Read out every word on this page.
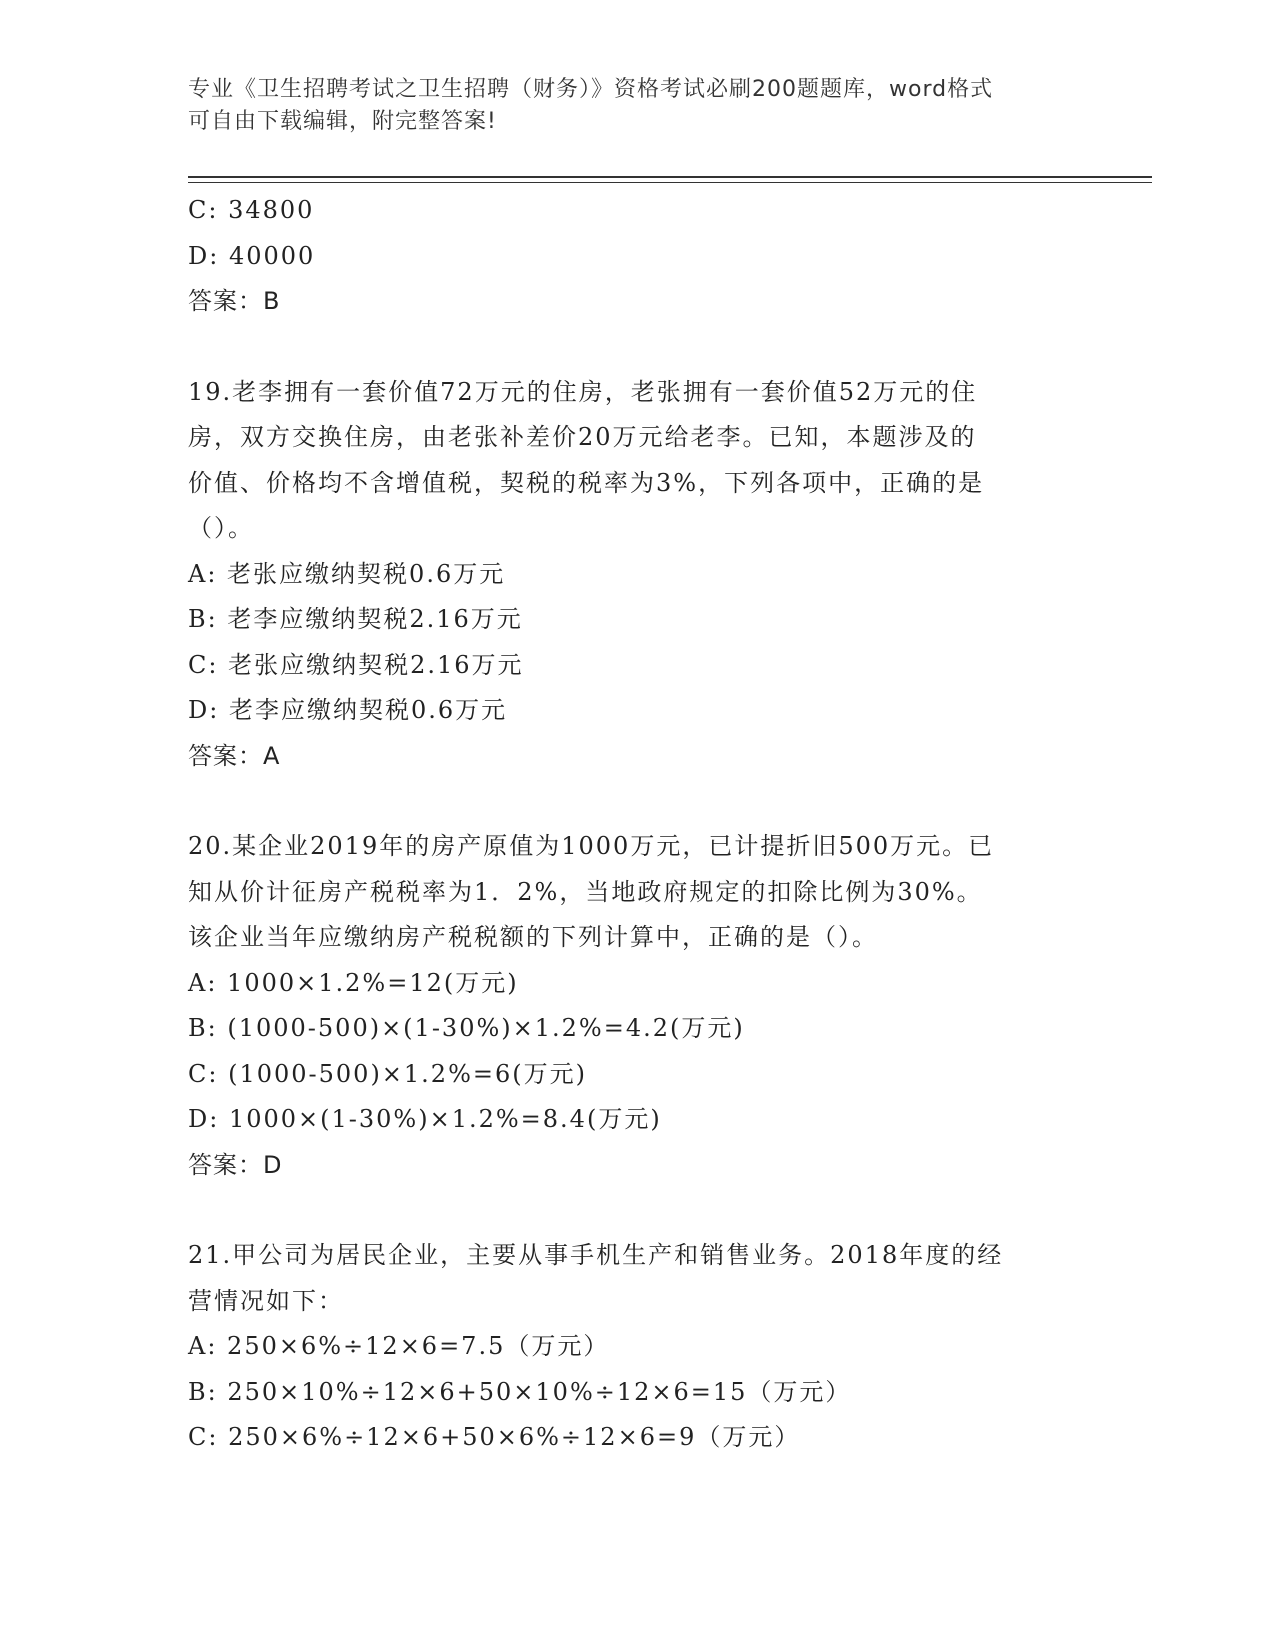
专业《卫生招聘考试之卫生招聘（财务）》资格考试必刷200题题库，word格式
可自由下载编辑，附完整答案!
C: 34800
D: 40000
答案：B
19.老李拥有一套价值72万元的住房，老张拥有一套价值52万元的住
房，双方交换住房，由老张补差价20万元给老李。已知，本题涉及的
价值、价格均不含增值税，契税的税率为3%，下列各项中，正确的是
（）。
A: 老张应缴纳契税0.6万元
B: 老李应缴纳契税2.16万元
C: 老张应缴纳契税2.16万元
D: 老李应缴纳契税0.6万元
答案：A
20.某企业2019年的房产原值为1000万元，已计提折旧500万元。已
知从价计征房产税税率为1．2%，当地政府规定的扣除比例为30%。
该企业当年应缴纳房产税税额的下列计算中，正确的是（）。
A: 1000×1.2%=12(万元)
B: (1000-500)×(1-30%)×1.2%=4.2(万元)
C: (1000-500)×1.2%=6(万元)
D: 1000×(1-30%)×1.2%=8.4(万元)
答案：D
21.甲公司为居民企业，主要从事手机生产和销售业务。2018年度的经
营情况如下：
A: 250×6%÷12×6=7.5（万元）
B: 250×10%÷12×6+50×10%÷12×6=15（万元）
C: 250×6%÷12×6+50×6%÷12×6=9（万元）
